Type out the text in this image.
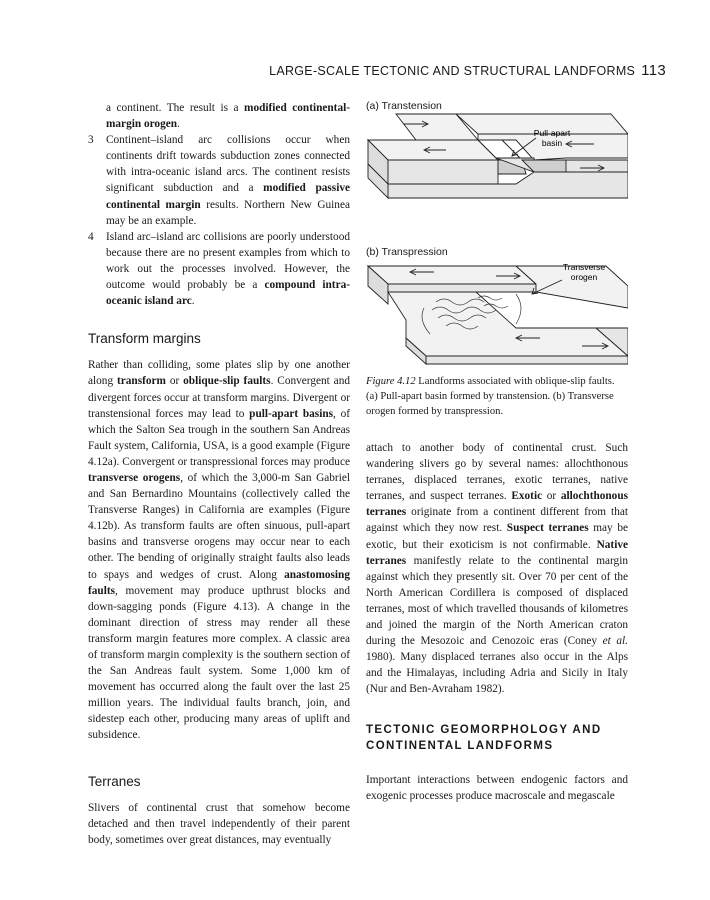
LARGE-SCALE TECTONIC AND STRUCTURAL LANDFORMS 113

a continent. The result is a modified continental-margin orogen.

3 Continent–island arc collisions occur when continents drift towards subduction zones connected with intra-oceanic island arcs. The continent resists significant subduction and a modified passive continental margin results. Northern New Guinea may be an example.

4 Island arc–island arc collisions are poorly understood because there are no present examples from which to work out the processes involved. However, the outcome would probably be a compound intra-oceanic island arc.

Transform margins

Rather than colliding, some plates slip by one another along transform or oblique-slip faults. Convergent and divergent forces occur at transform margins. Divergent or transtensional forces may lead to pull-apart basins, of which the Salton Sea trough in the southern San Andreas Fault system, California, USA, is a good example (Figure 4.12a). Convergent or transpressional forces may produce transverse orogens, of which the 3,000-m San Gabriel and San Bernardino Mountains (collectively called the Transverse Ranges) in California are examples (Figure 4.12b). As transform faults are often sinuous, pull-apart basins and transverse orogens may occur near to each other. The bending of originally straight faults also leads to spays and wedges of crust. Along anastomosing faults, movement may produce upthrust blocks and down-sagging ponds (Figure 4.13). A change in the dominant direction of stress may render all these transform margin features more complex. A classic area of transform margin complexity is the southern section of the San Andreas fault system. Some 1,000 km of movement has occurred along the fault over the last 25 million years. The individual faults branch, join, and sidestep each other, producing many areas of uplift and subsidence.

Terranes

Slivers of continental crust that somehow become detached and then travel independently of their parent body, sometimes over great distances, may eventually

(a) Transtension
Pull-apart
basin
(b) Transpression
Transverse
orogen

Figure 4.12 Landforms associated with oblique-slip faults. (a) Pull-apart basin formed by transtension. (b) Transverse orogen formed by transpression.

attach to another body of continental crust. Such wandering slivers go by several names: allochthonous terranes, displaced terranes, exotic terranes, native terranes, and suspect terranes. Exotic or allochthonous terranes originate from a continent different from that against which they now rest. Suspect terranes may be exotic, but their exoticism is not confirmable. Native terranes manifestly relate to the continental margin against which they presently sit. Over 70 per cent of the North American Cordillera is composed of displaced terranes, most of which travelled thousands of kilometres and joined the margin of the North American craton during the Mesozoic and Cenozoic eras (Coney et al. 1980). Many displaced terranes also occur in the Alps and the Himalayas, including Adria and Sicily in Italy (Nur and Ben-Avraham 1982).

TECTONIC GEOMORPHOLOGY AND CONTINENTAL LANDFORMS

Important interactions between endogenic factors and exogenic processes produce macroscale and megascale
